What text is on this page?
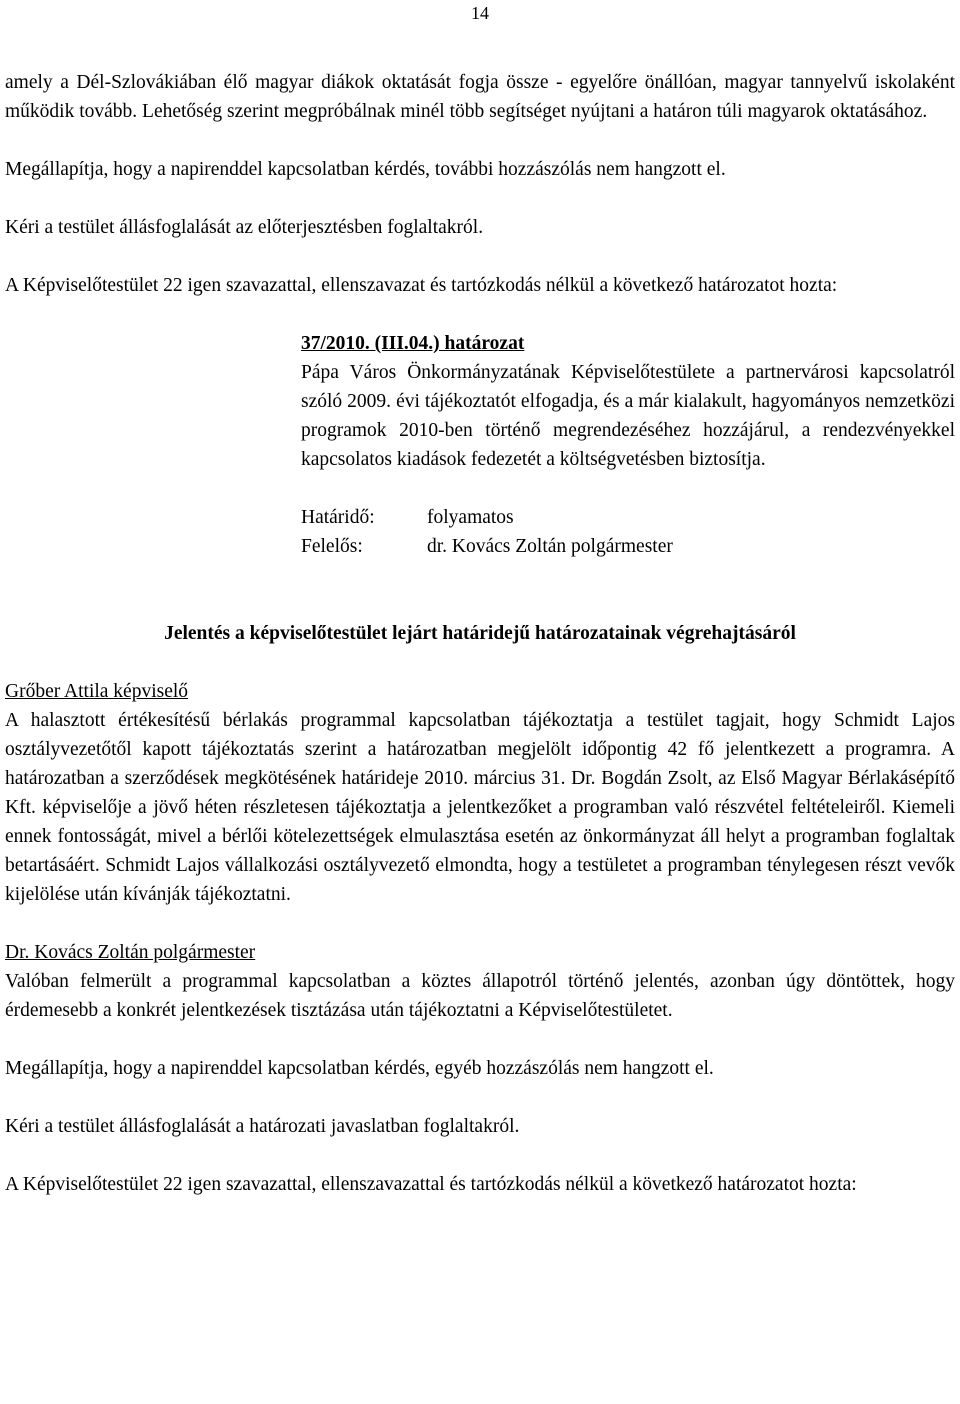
14

amely a Dél-Szlovákiában élő magyar diákok oktatását fogja össze - egyelőre önállóan, magyar tannyelvű iskolaként működik tovább. Lehetőség szerint megpróbálnak minél több segítséget nyújtani a határon túli magyarok oktatásához.

Megállapítja, hogy a napirenddel kapcsolatban kérdés, további hozzászólás nem hangzott el.

Kéri a testület állásfoglalását az előterjesztésben foglaltakról.

A Képviselőtestület 22 igen szavazattal, ellenszavazat és tartózkodás nélkül a következő határozatot hozta:

37/2010. (III.04.) határozat

Pápa Város Önkormányzatának Képviselőtestülete a partnervárosi kapcsolatról szóló 2009. évi tájékoztatót elfogadja, és a már kialakult, hagyományos nemzetközi programok 2010-ben történő megrendezéséhez hozzájárul, a rendezvényekkel kapcsolatos kiadások fedezetét a költségvetésben biztosítja.

Határidő:	folyamatos
Felelős:	dr. Kovács Zoltán polgármester
Jelentés a képviselőtestület lejárt határidejű határozatainak végrehajtásáról
Grőber Attila képviselő

A halasztott értékesítésű bérlakás programmal kapcsolatban tájékoztatja a testület tagjait, hogy Schmidt Lajos osztályvezetőtől kapott tájékoztatás szerint a határozatban megjelölt időpontig 42 fő jelentkezett a programra. A határozatban a szerződések megkötésének határideje 2010. március 31. Dr. Bogdán Zsolt, az Első Magyar Bérlakásépítő Kft. képviselője a jövő héten részletesen tájékoztatja a jelentkezőket a programban való részvétel feltételeiről. Kiemeli ennek fontosságát, mivel a bérlői kötelezettségek elmulasztása esetén az önkormányzat áll helyt a programban foglaltak betartásáért. Schmidt Lajos vállalkozási osztályvezető elmondta, hogy a testületet a programban ténylegesen részt vevők kijelölése után kívánják tájékoztatni.

Dr. Kovács Zoltán polgármester

Valóban felmerült a programmal kapcsolatban a köztes állapotról történő jelentés, azonban úgy döntöttek, hogy érdemesebb a konkrét jelentkezések tisztázása után tájékoztatni a Képviselőtestületet.

Megállapítja, hogy a napirenddel kapcsolatban kérdés, egyéb hozzászólás nem hangzott el.

Kéri a testület állásfoglalását a határozati javaslatban foglaltakról.

A Képviselőtestület 22 igen szavazattal, ellenszavazattal és tartózkodás nélkül a következő határozatot hozta:
